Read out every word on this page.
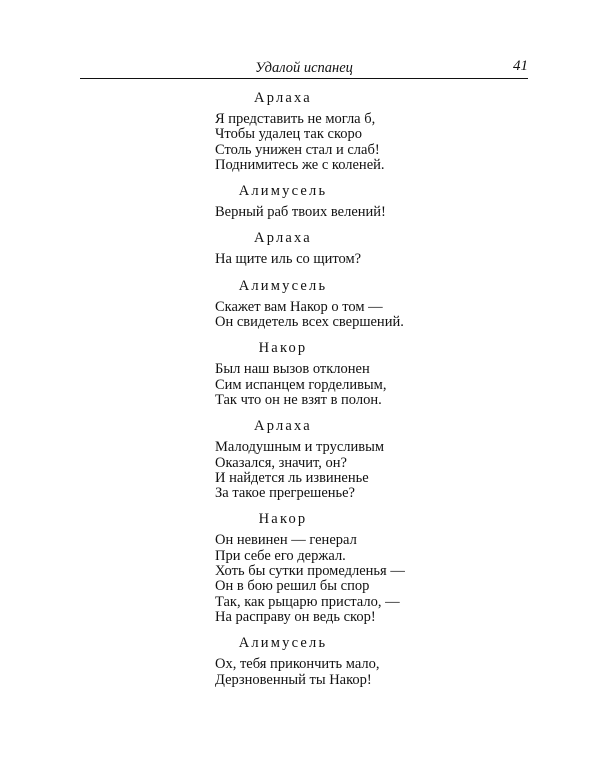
Удалой испанец	41
Арлаха
Я представить не могла б,
Чтобы удалец так скоро
Столь унижен стал и слаб!
Поднимитесь же с коленей.
Алимусель
Верный раб твоих велений!
Арлаха
На щите иль со щитом?
Алимусель
Скажет вам Накор о том —
Он свидетель всех свершений.
Накор
Был наш вызов отклонен
Сим испанцем горделивым,
Так что он не взят в полон.
Арлаха
Малодушным и трусливым
Оказался, значит, он?
И найдется ль извиненье
За такое прегрешенье?
Накор
Он невинен — генерал
При себе его держал.
Хоть бы сутки промедленья —
Он в бою решил бы спор
Так, как рыцарю пристало, —
На расправу он ведь скор!
Алимусель
Ох, тебя прикончить мало,
Дерзновенный ты Накор!
